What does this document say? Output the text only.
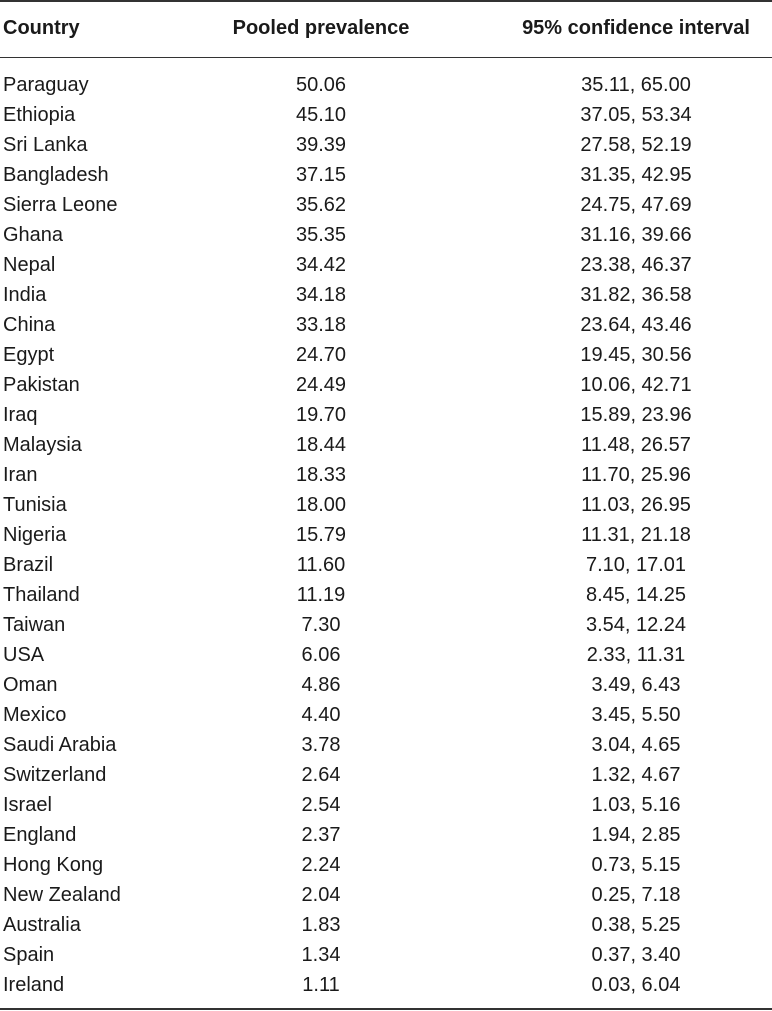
Country	Pooled prevalence	95% confidence interval
Paraguay	50.06	35.11, 65.00
Ethiopia	45.10	37.05, 53.34
Sri Lanka	39.39	27.58, 52.19
Bangladesh	37.15	31.35, 42.95
Sierra Leone	35.62	24.75, 47.69
Ghana	35.35	31.16, 39.66
Nepal	34.42	23.38, 46.37
India	34.18	31.82, 36.58
China	33.18	23.64, 43.46
Egypt	24.70	19.45, 30.56
Pakistan	24.49	10.06, 42.71
Iraq	19.70	15.89, 23.96
Malaysia	18.44	11.48, 26.57
Iran	18.33	11.70, 25.96
Tunisia	18.00	11.03, 26.95
Nigeria	15.79	11.31, 21.18
Brazil	11.60	7.10, 17.01
Thailand	11.19	8.45, 14.25
Taiwan	7.30	3.54, 12.24
USA	6.06	2.33, 11.31
Oman	4.86	3.49, 6.43
Mexico	4.40	3.45, 5.50
Saudi Arabia	3.78	3.04, 4.65
Switzerland	2.64	1.32, 4.67
Israel	2.54	1.03, 5.16
England	2.37	1.94, 2.85
Hong Kong	2.24	0.73, 5.15
New Zealand	2.04	0.25, 7.18
Australia	1.83	0.38, 5.25
Spain	1.34	0.37, 3.40
Ireland	1.11	0.03, 6.04
